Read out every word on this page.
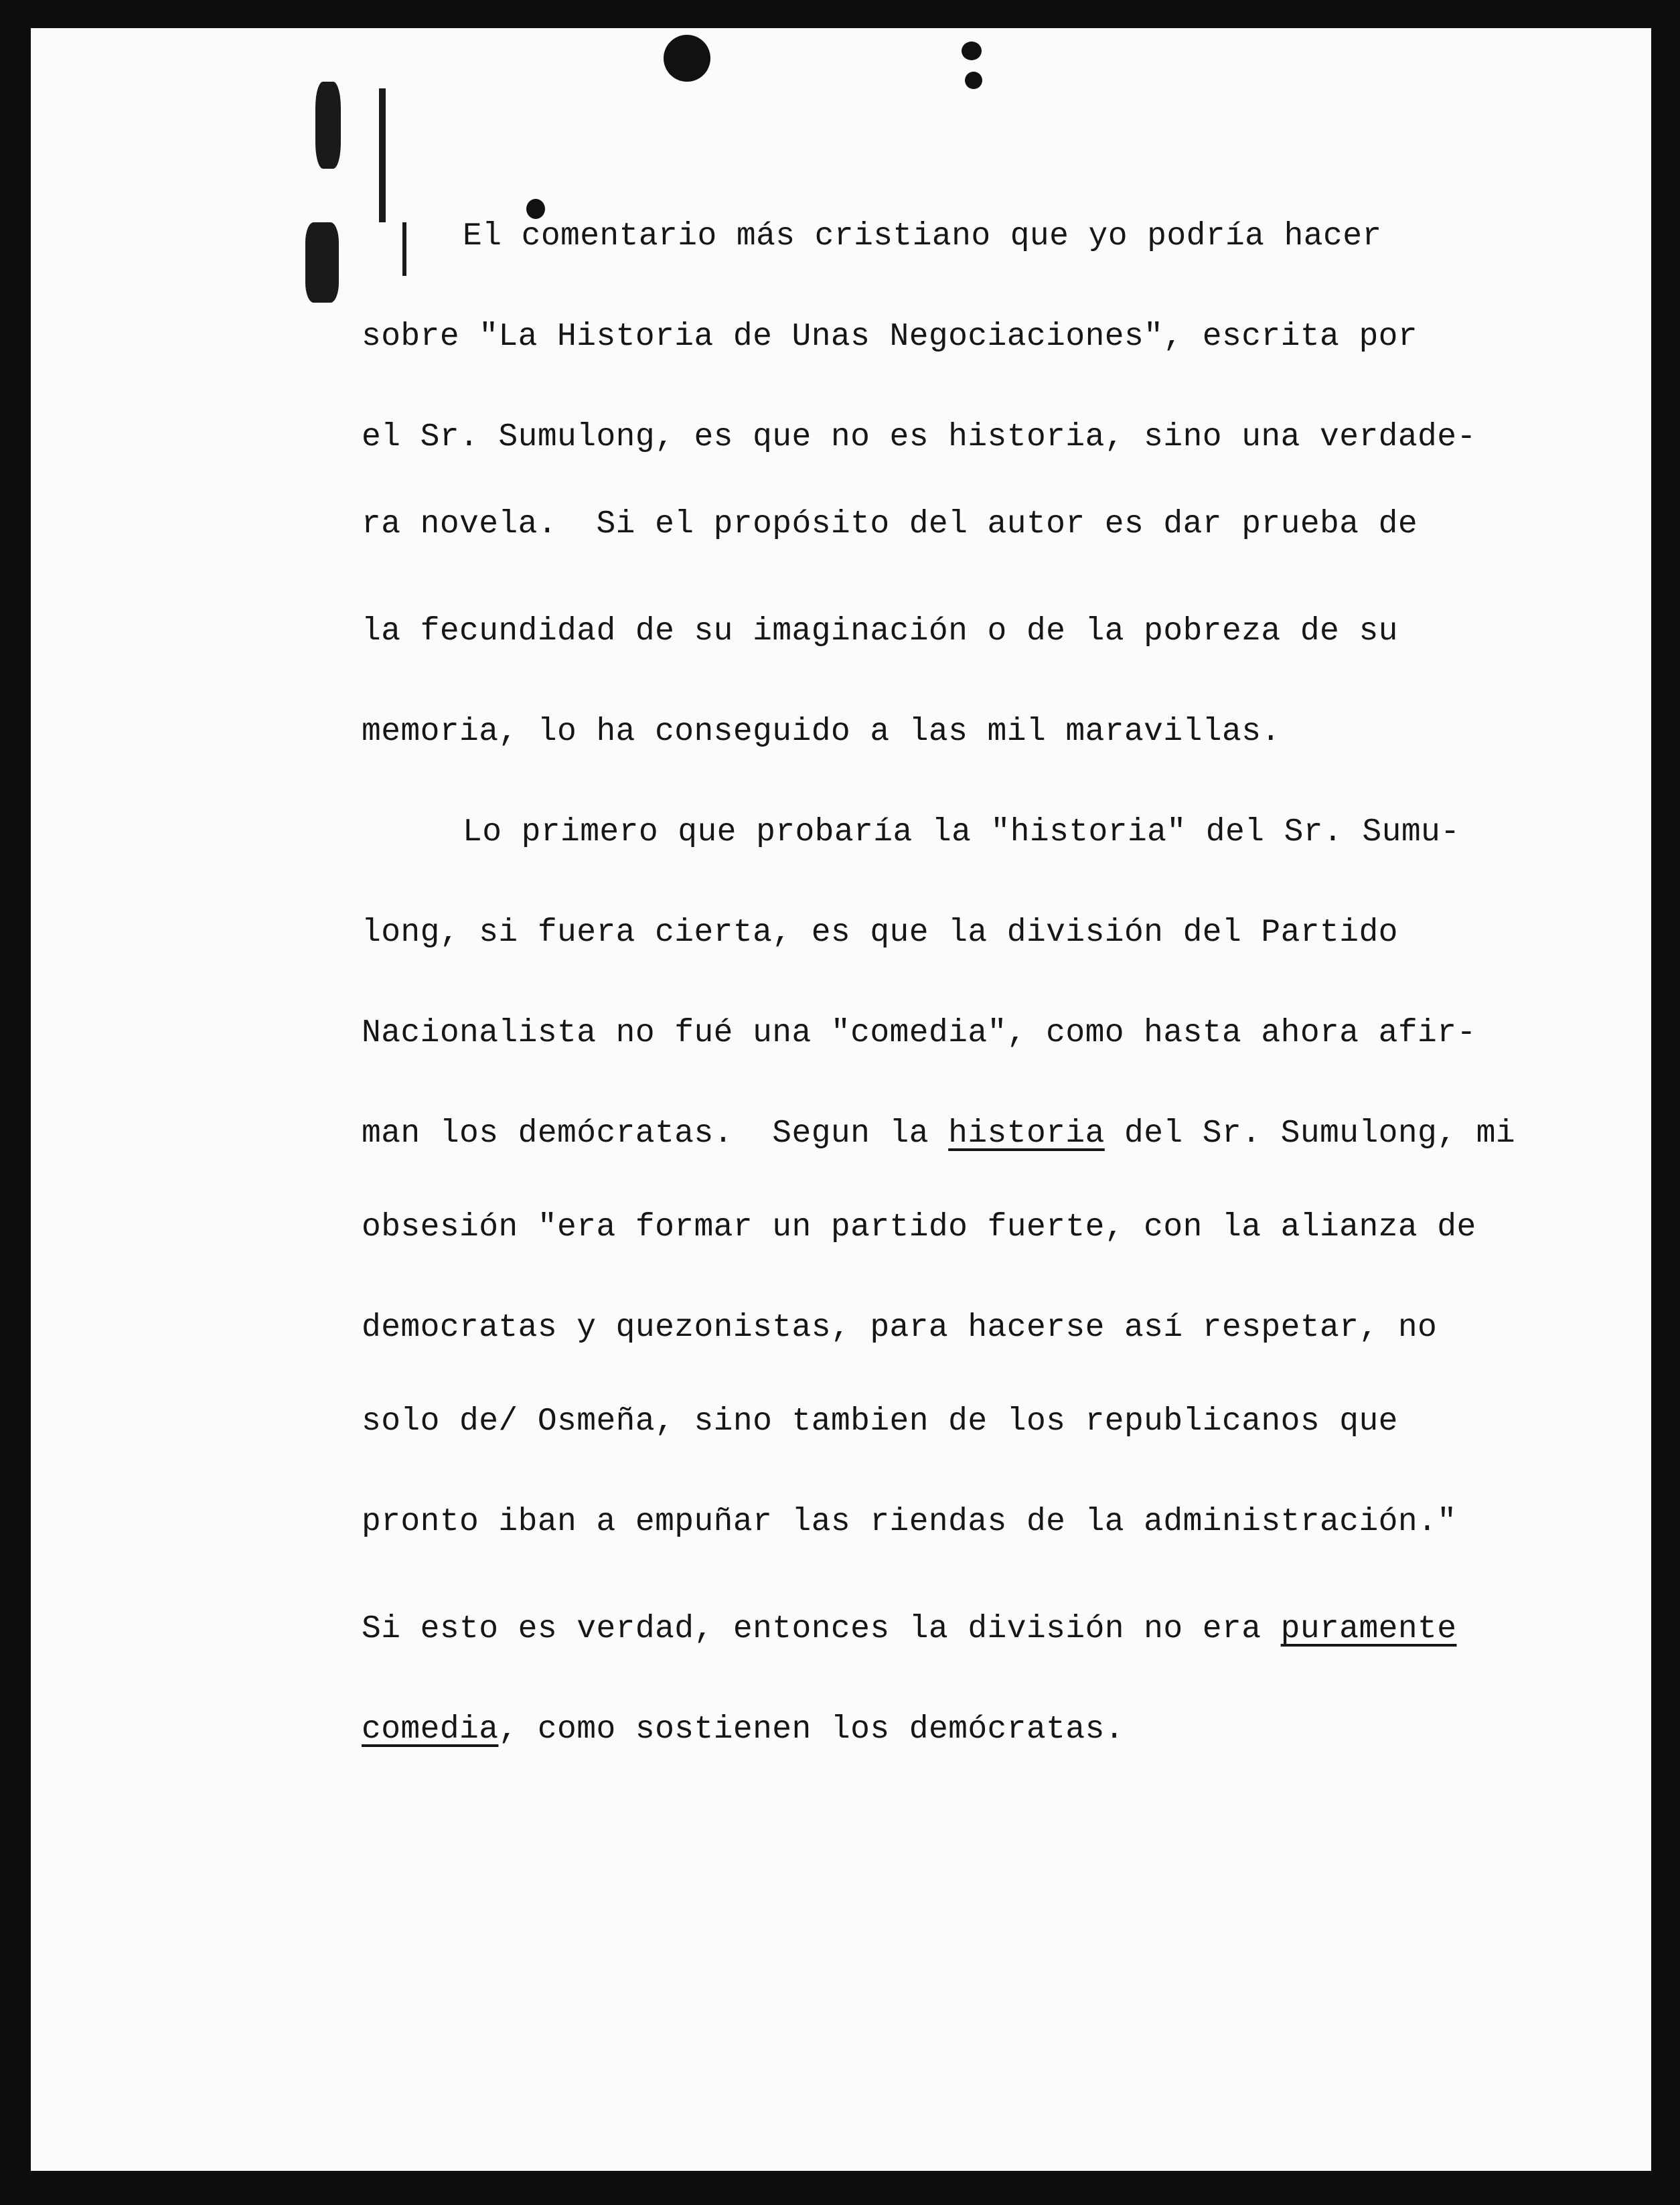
El comentario más cristiano que yo podría hacer

sobre "La Historia de Unas Negociaciones", escrita por

el Sr. Sumulong, es que no es historia, sino una verdade-

ra novela.  Si el propósito del autor es dar prueba de

la fecundidad de su imaginación o de la pobreza de su

memoria, lo ha conseguido a las mil maravillas.

Lo primero que probaría la "historia" del Sr. Sumu-

long, si fuera cierta, es que la división del Partido

Nacionalista no fué una "comedia", como hasta ahora afir-

man los demócratas.  Segun la historia del Sr. Sumulong, mi

obsesión "era formar un partido fuerte, con la alianza de

democratas y quezonistas, para hacerse así respetar, no

solo de/ Osmeña, sino tambien de los republicanos que

pronto iban a empuñar las riendas de la administración."

Si esto es verdad, entonces la división no era puramente

comedia, como sostienen los demócratas.
